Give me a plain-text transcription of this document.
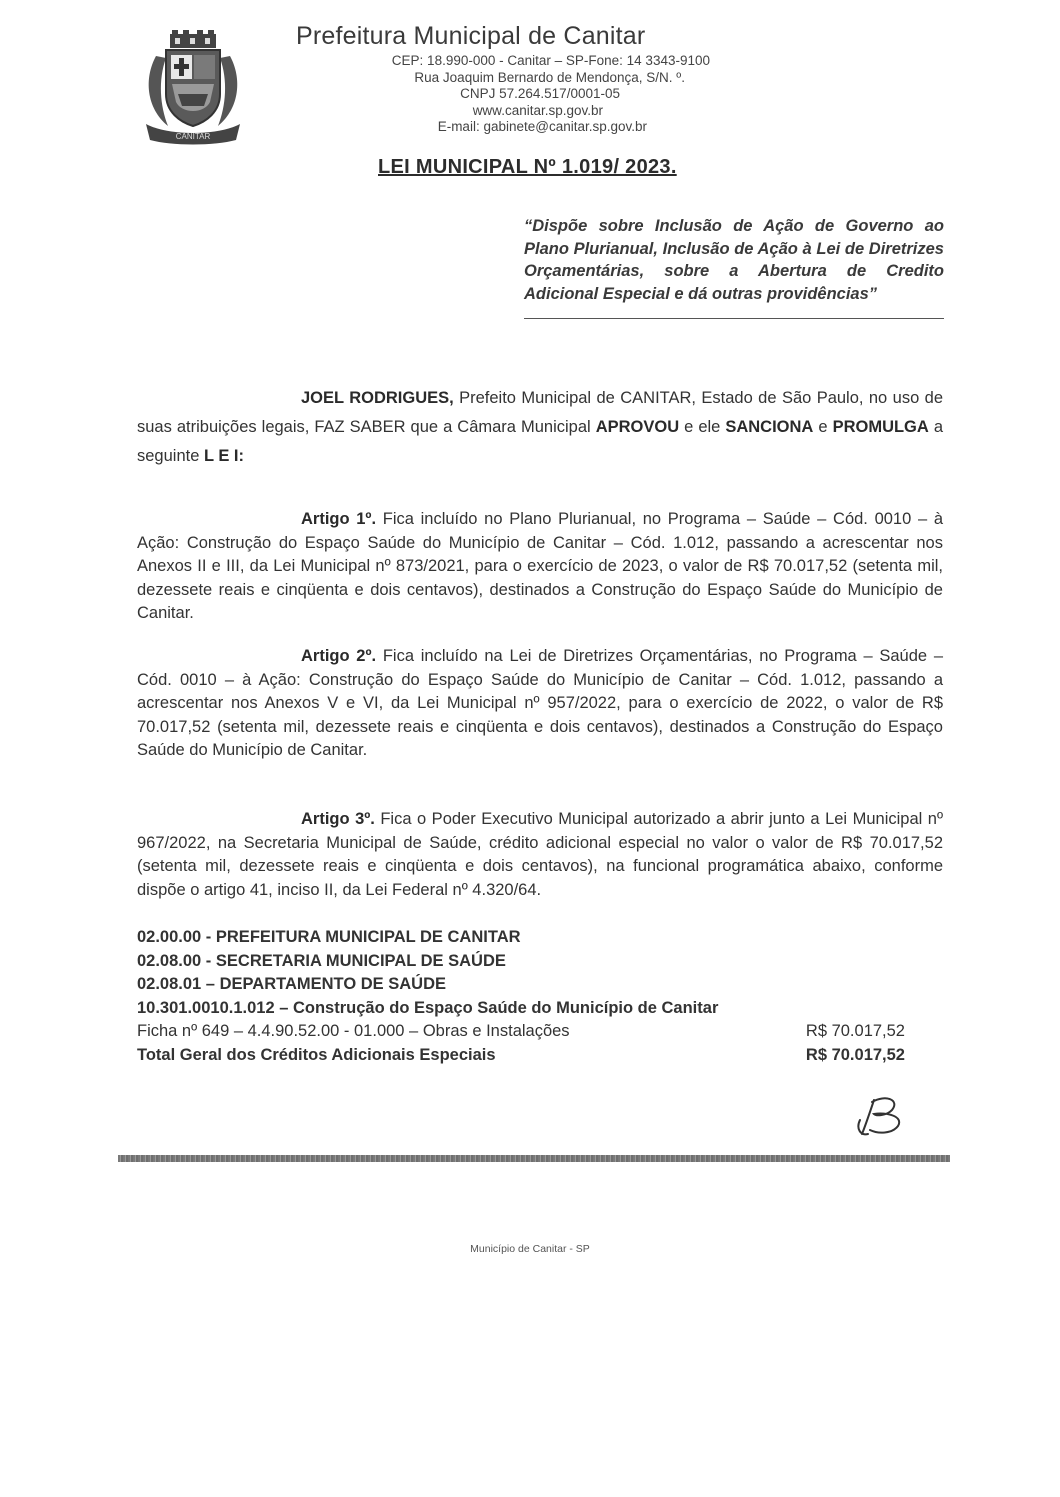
CANITAR
Prefeitura Municipal de Canitar
CEP: 18.990-000 - Canitar – SP-Fone: 14 3343-9100
Rua Joaquim Bernardo de Mendonça, S/N. º.
CNPJ 57.264.517/0001-05
www.canitar.sp.gov.br
E-mail: gabinete@canitar.sp.gov.br
LEI MUNICIPAL Nº 1.019/ 2023.
“Dispõe sobre Inclusão de Ação de Governo ao Plano Plurianual, Inclusão de Ação à Lei de Diretrizes Orçamentárias, sobre a Abertura de Credito Adicional Especial e dá outras providências”
JOEL RODRIGUES, Prefeito Municipal de CANITAR, Estado de São Paulo, no uso de suas atribuições legais, FAZ SABER que a Câmara Municipal APROVOU e ele SANCIONA e PROMULGA a seguinte L E I:
Artigo 1º. Fica incluído no Plano Plurianual, no Programa – Saúde – Cód. 0010 – à Ação: Construção do Espaço Saúde do Município de Canitar – Cód. 1.012, passando a acrescentar nos Anexos II e III, da Lei Municipal nº 873/2021, para o exercício de 2023, o valor de R$ 70.017,52 (setenta mil, dezessete reais e cinqüenta e dois centavos), destinados a Construção do Espaço Saúde do Município de Canitar.
Artigo 2º. Fica incluído na Lei de Diretrizes Orçamentárias, no Programa – Saúde – Cód. 0010 – à Ação: Construção do Espaço Saúde do Município de Canitar – Cód. 1.012, passando a acrescentar nos Anexos V e VI, da Lei Municipal nº 957/2022, para o exercício de 2022, o valor de R$ 70.017,52 (setenta mil, dezessete reais e cinqüenta e dois centavos), destinados a Construção do Espaço Saúde do Município de Canitar.
Artigo 3º. Fica o Poder Executivo Municipal autorizado a abrir junto a Lei Municipal nº 967/2022, na Secretaria Municipal de Saúde, crédito adicional especial no valor o valor de R$ 70.017,52 (setenta mil, dezessete reais e cinqüenta e dois centavos), na funcional programática abaixo, conforme dispõe o artigo 41, inciso II, da Lei Federal nº 4.320/64.
02.00.00 - PREFEITURA MUNICIPAL DE CANITAR
02.08.00 - SECRETARIA MUNICIPAL DE SAÚDE
02.08.01 – DEPARTAMENTO DE SAÚDE
10.301.0010.1.012 – Construção do Espaço Saúde do Município de Canitar
Ficha nº 649 – 4.4.90.52.00 - 01.000 – Obras e Instalações	R$ 70.017,52
Total Geral dos Créditos Adicionais Especiais	R$ 70.017,52
Município de Canitar - SP
